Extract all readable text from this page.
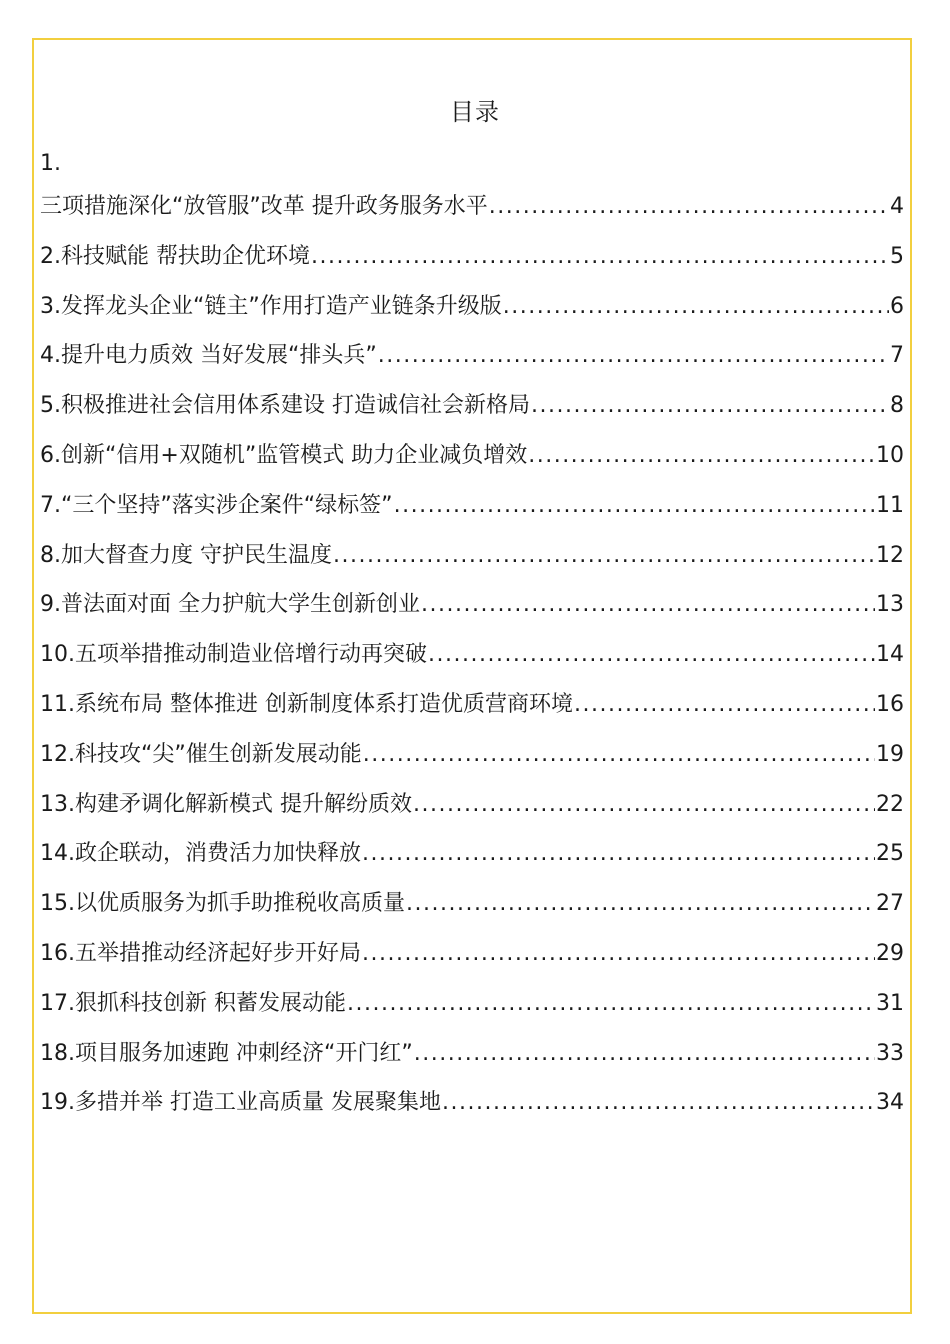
目录
1.
三项措施深化“放管服”改革 提升政务服务水平 .....	4
2.科技赋能 帮扶助企优环境 .....	5
3.发挥龙头企业“链主”作用打造产业链条升级版 .....	6
4.提升电力质效 当好发展“排头兵” .....	7
5.积极推进社会信用体系建设 打造诚信社会新格局 .....	8
6.创新“信用+双随机”监管模式 助力企业减负增效 .....	10
7.“三个坚持”落实涉企案件“绿标签” .....	11
8.加大督查力度 守护民生温度 .....	12
9.普法面对面 全力护航大学生创新创业 .....	13
10.五项举措推动制造业倍增行动再突破 .....	14
11.系统布局 整体推进 创新制度体系打造优质营商环境 .....	16
12.科技攻“尖”催生创新发展动能 .....	19
13.构建矛调化解新模式 提升解纷质效 .....	22
14.政企联动，消费活力加快释放 .....	25
15.以优质服务为抓手助推税收高质量 .....	27
16.五举措推动经济起好步开好局 .....	29
17.狠抓科技创新 积蓄发展动能 .....	31
18.项目服务加速跑 冲刺经济“开门红” .....	33
19.多措并举 打造工业高质量 发展聚集地 .....	34
